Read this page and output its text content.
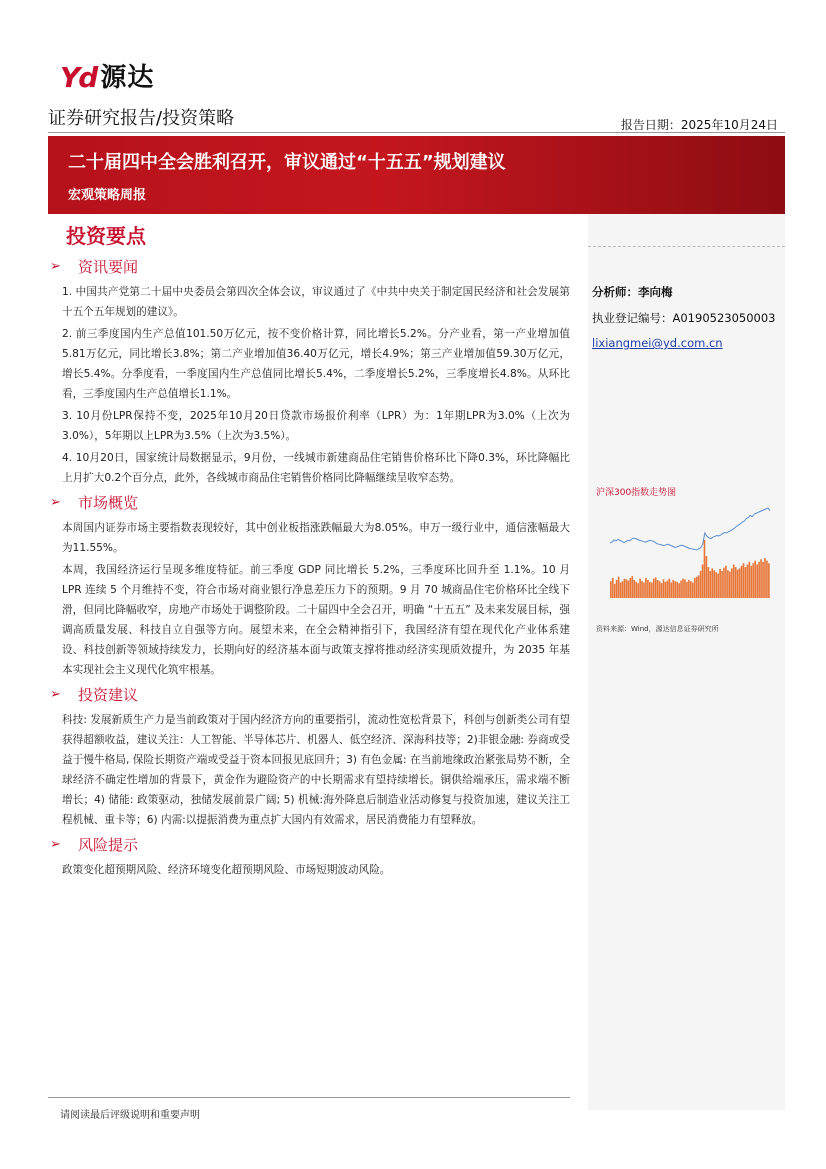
Yd 源达
证券研究报告/投资策略	报告日期：2025年10月24日
二十届四中全会胜利召开，审议通过“十五五”规划建议
宏观策略周报
投资要点
➢	资讯要闻

1. 中国共产党第二十届中央委员会第四次全体会议，审议通过了《中共中央关于制定国民经济和社会发展第十五个五年规划的建议》。

2. 前三季度国内生产总值101.50万亿元，按不变价格计算，同比增长5.2%。分产业看，第一产业增加值5.81万亿元，同比增长3.8%；第二产业增加值36.40万亿元，增长4.9%；第三产业增加值59.30万亿元，增长5.4%。分季度看，一季度国内生产总值同比增长5.4%，二季度增长5.2%，三季度增长4.8%。从环比看，三季度国内生产总值增长1.1%。

3. 10月份LPR保持不变，2025年10月20日贷款市场报价利率（LPR）为：1年期LPR为3.0%（上次为3.0%），5年期以上LPR为3.5%（上次为3.5%）。

4. 10月20日，国家统计局数据显示，9月份，一线城市新建商品住宅销售价格环比下降0.3%，环比降幅比上月扩大0.2个百分点，此外，各线城市商品住宅销售价格同比降幅继续呈收窄态势。

➢	市场概览

本周国内证券市场主要指数表现较好，其中创业板指涨跌幅最大为8.05%。申万一级行业中，通信涨幅最大为11.55%。

本周，我国经济运行呈现多维度特征。前三季度 GDP 同比增长 5.2%，三季度环比回升至 1.1%。10 月 LPR 连续 5 个月维持不变，符合市场对商业银行净息差压力下的预期。9 月 70 城商品住宅价格环比全线下滑，但同比降幅收窄，房地产市场处于调整阶段。二十届四中全会召开，明确 “十五五” 及未来发展目标，强调高质量发展、科技自立自强等方向。展望未来，在全会精神指引下，我国经济有望在现代化产业体系建设、科技创新等领域持续发力，长期向好的经济基本面与政策支撑将推动经济实现质效提升，为 2035 年基本实现社会主义现代化筑牢根基。

➢	投资建议

科技: 发展新质生产力是当前政策对于国内经济方向的重要指引，流动性宽松背景下，科创与创新类公司有望获得超额收益，建议关注：人工智能、半导体芯片、机器人、低空经济、深海科技等；2)非银金融: 券商或受益于慢牛格局, 保险长期资产端或受益于资本回报见底回升；3) 有色金属: 在当前地缘政治紧张局势不断，全球经济不确定性增加的背景下，黄金作为避险资产的中长期需求有望持续增长。铜供给端承压，需求端不断增长；4) 储能: 政策驱动，独储发展前景广阔; 5) 机械:海外降息后制造业活动修复与投资加速，建议关注工程机械、重卡等；6) 内需:以提振消费为重点扩大国内有效需求，居民消费能力有望释放。

➢	风险提示

政策变化超预期风险、经济环境变化超预期风险、市场短期波动风险。

分析师：李向梅
执业登记编号：A0190523050003
lixiangmei@yd.com.cn
沪深300指数走势图
资料来源：Wind，源达信息证券研究所
请阅读最后评级说明和重要声明
